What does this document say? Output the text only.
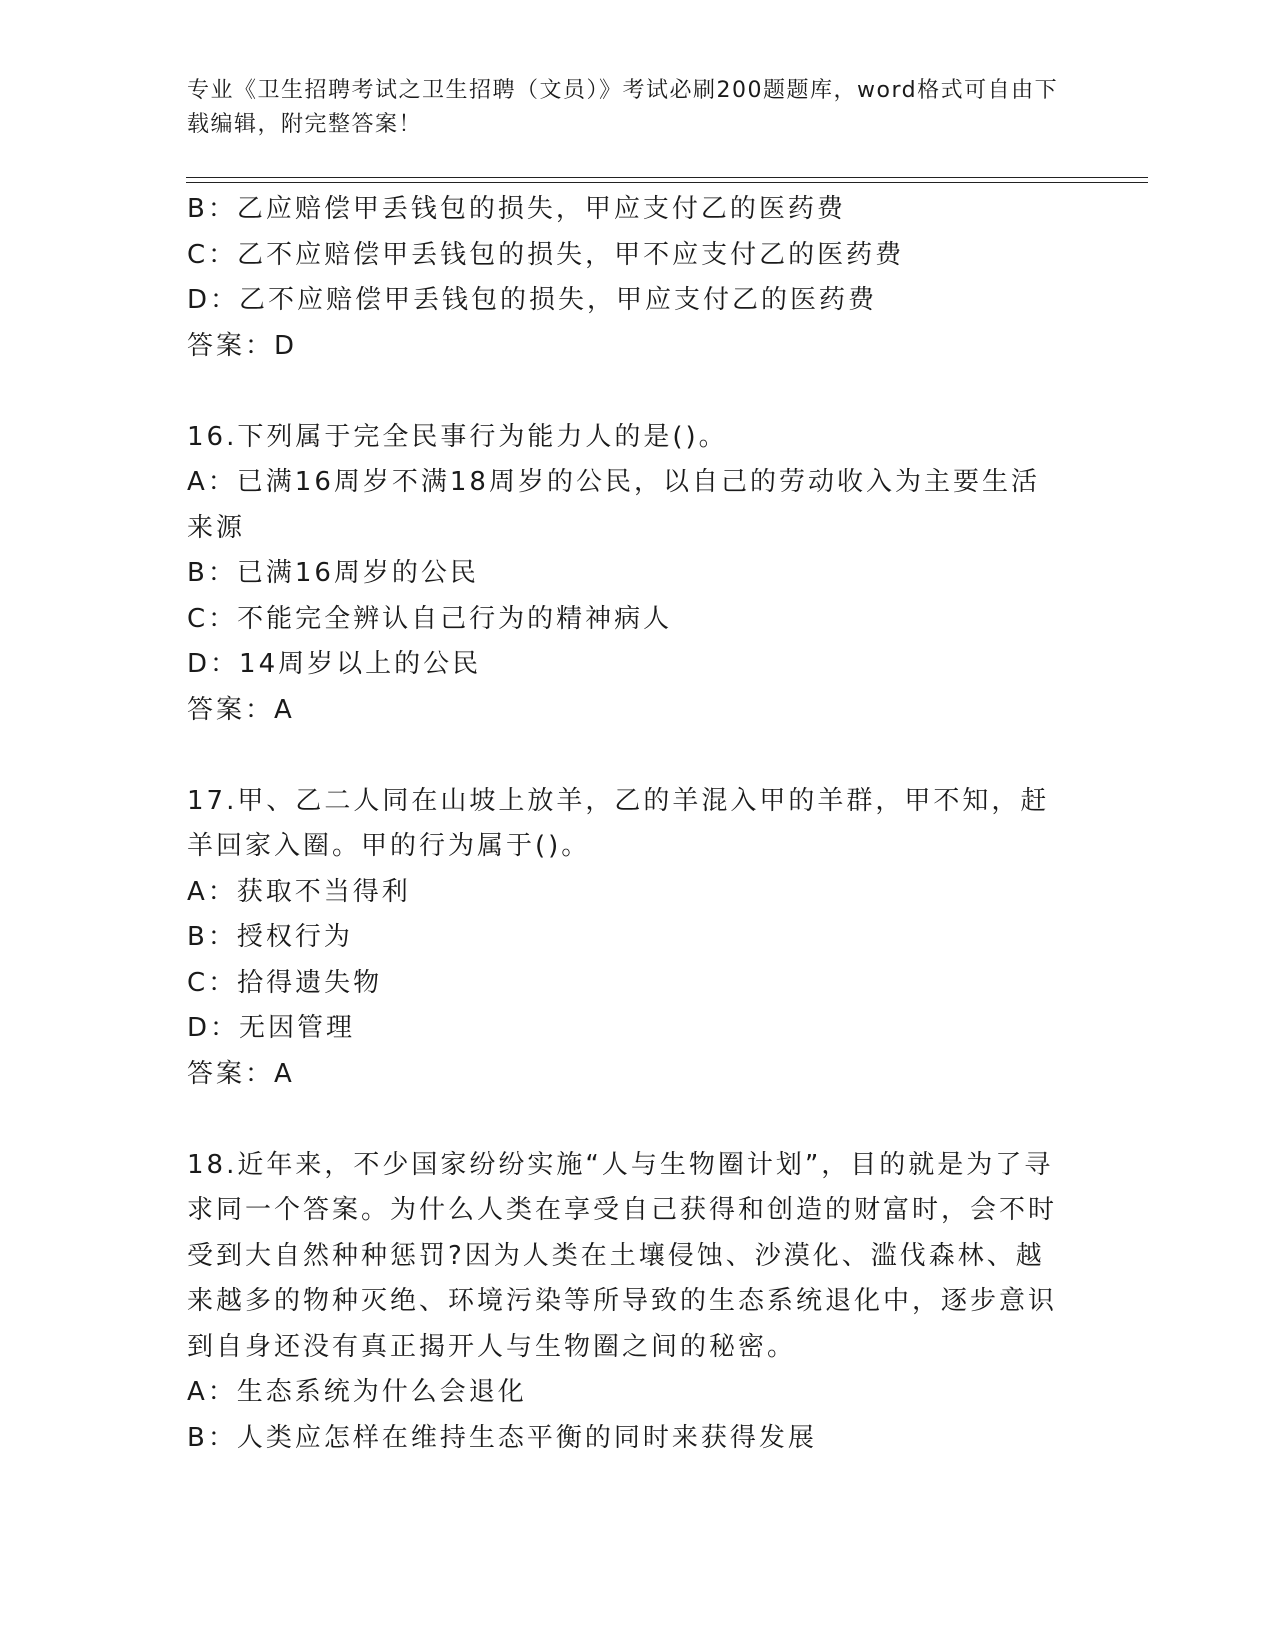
专业《卫生招聘考试之卫生招聘（文员）》考试必刷200题题库，word格式可自由下载编辑，附完整答案！
B：乙应赔偿甲丢钱包的损失，甲应支付乙的医药费
C：乙不应赔偿甲丢钱包的损失，甲不应支付乙的医药费
D：乙不应赔偿甲丢钱包的损失，甲应支付乙的医药费
答案：D
16.下列属于完全民事行为能力人的是()。
A：已满16周岁不满18周岁的公民，以自己的劳动收入为主要生活来源
B：已满16周岁的公民
C：不能完全辨认自己行为的精神病人
D：14周岁以上的公民
答案：A
17.甲、乙二人同在山坡上放羊，乙的羊混入甲的羊群，甲不知，赶羊回家入圈。甲的行为属于()。
A：获取不当得利
B：授权行为
C：拾得遗失物
D：无因管理
答案：A
18.近年来，不少国家纷纷实施“人与生物圈计划”，目的就是为了寻求同一个答案。为什么人类在享受自己获得和创造的财富时，会不时受到大自然种种惩罚?因为人类在土壤侵蚀、沙漠化、滥伐森林、越来越多的物种灭绝、环境污染等所导致的生态系统退化中，逐步意识到自身还没有真正揭开人与生物圈之间的秘密。
A：生态系统为什么会退化
B：人类应怎样在维持生态平衡的同时来获得发展
